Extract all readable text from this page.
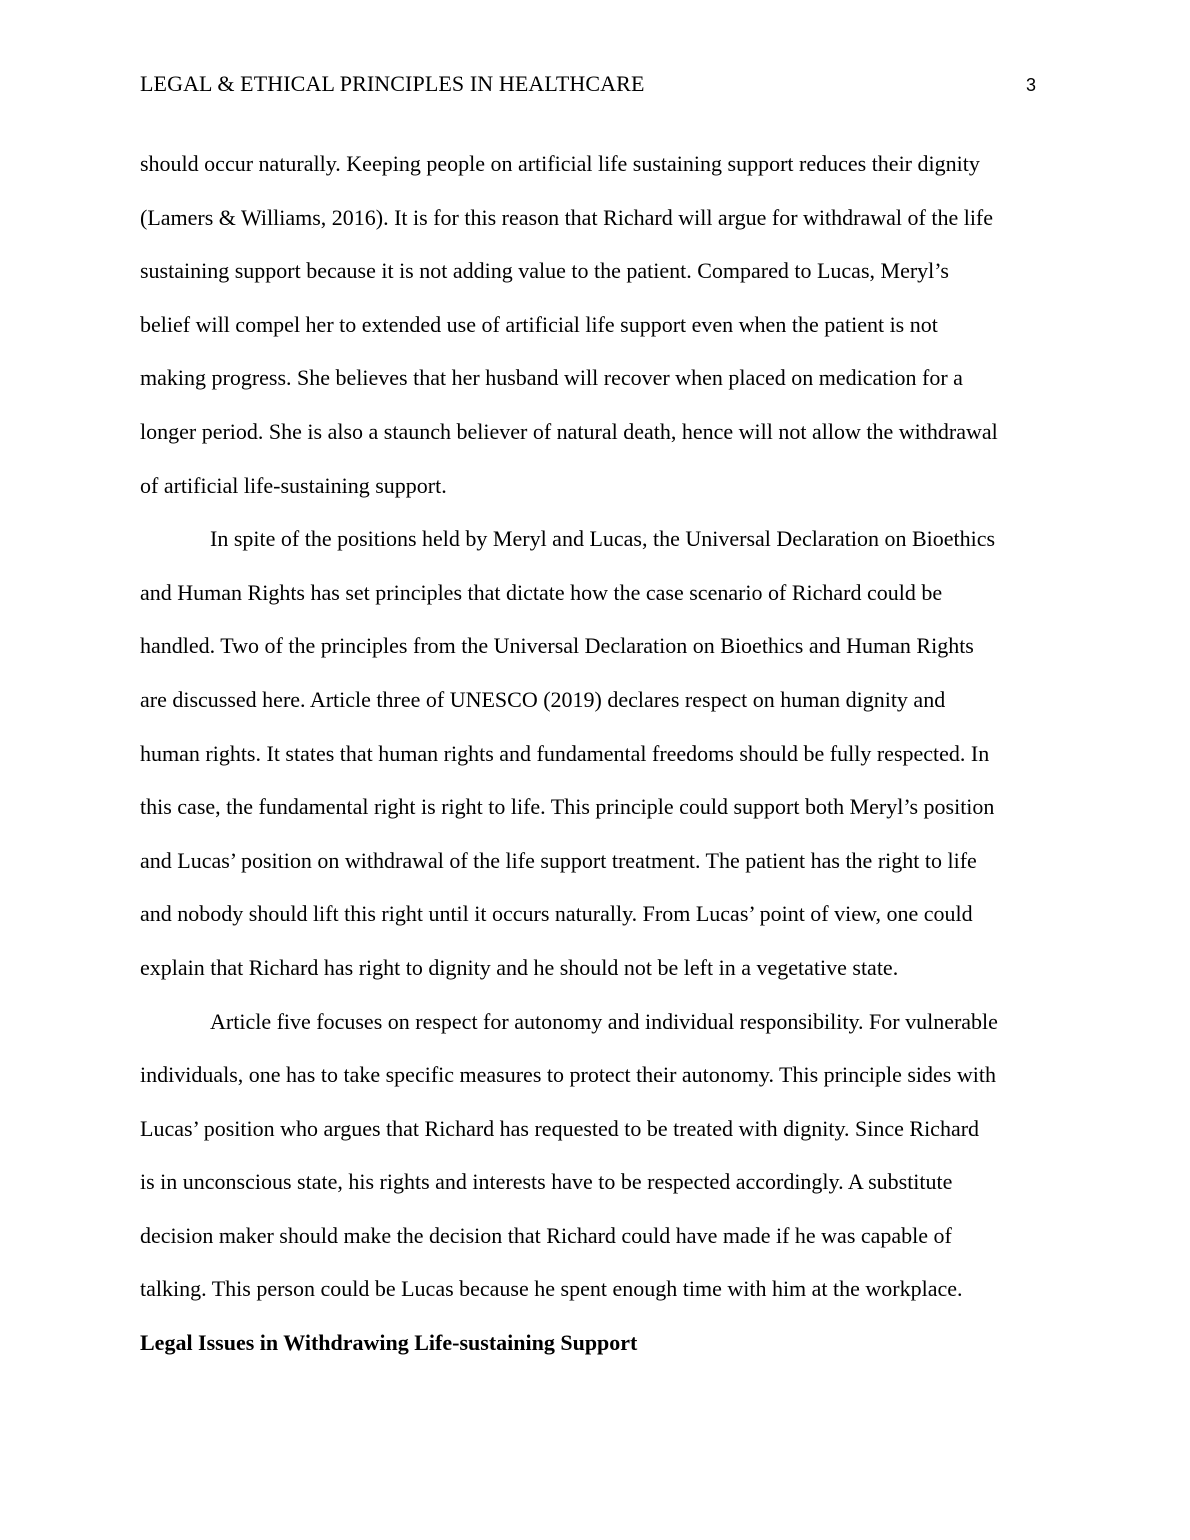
LEGAL & ETHICAL PRINCIPLES IN HEALTHCARE	3
should occur naturally. Keeping people on artificial life sustaining support reduces their dignity
(Lamers & Williams, 2016). It is for this reason that Richard will argue for withdrawal of the life
sustaining support because it is not adding value to the patient. Compared to Lucas, Meryl’s
belief will compel her to extended use of artificial life support even when the patient is not
making progress. She believes that her husband will recover when placed on medication for a
longer period. She is also a staunch believer of natural death, hence will not allow the withdrawal
of artificial life-sustaining support.
In spite of the positions held by Meryl and Lucas, the Universal Declaration on Bioethics
and Human Rights has set principles that dictate how the case scenario of Richard could be
handled. Two of the principles from the Universal Declaration on Bioethics and Human Rights
are discussed here. Article three of UNESCO (2019) declares respect on human dignity and
human rights. It states that human rights and fundamental freedoms should be fully respected. In
this case, the fundamental right is right to life. This principle could support both Meryl’s position
and Lucas’ position on withdrawal of the life support treatment. The patient has the right to life
and nobody should lift this right until it occurs naturally. From Lucas’ point of view, one could
explain that Richard has right to dignity and he should not be left in a vegetative state.
Article five focuses on respect for autonomy and individual responsibility. For vulnerable
individuals, one has to take specific measures to protect their autonomy. This principle sides with
Lucas’ position who argues that Richard has requested to be treated with dignity. Since Richard
is in unconscious state, his rights and interests have to be respected accordingly. A substitute
decision maker should make the decision that Richard could have made if he was capable of
talking. This person could be Lucas because he spent enough time with him at the workplace.
Legal Issues in Withdrawing Life-sustaining Support
